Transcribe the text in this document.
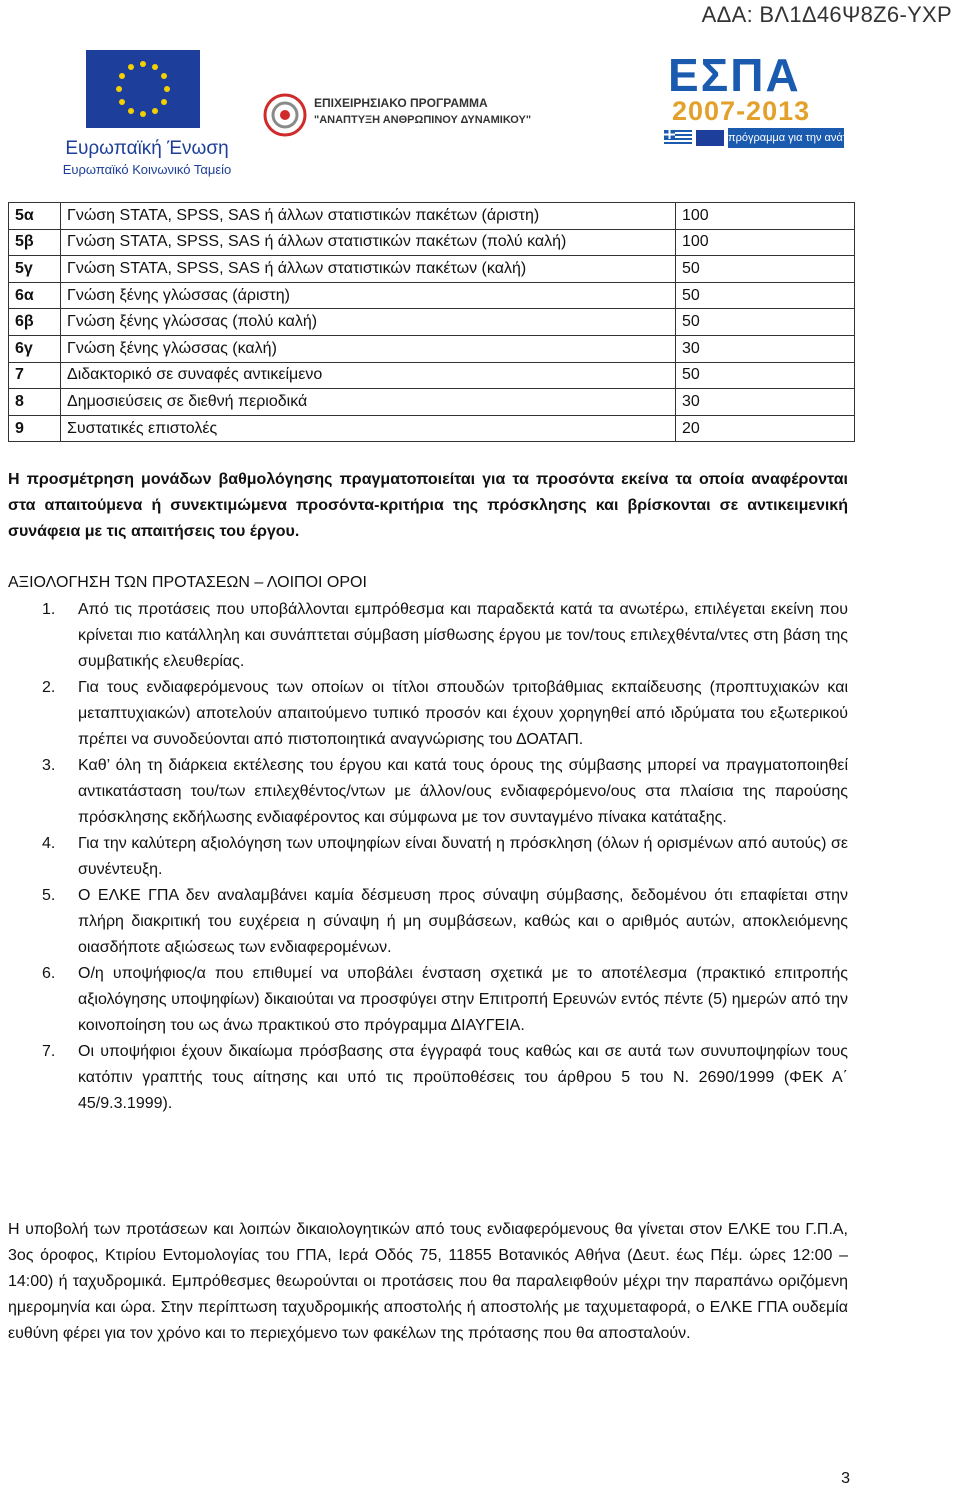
ΑΔΑ: ΒΛ1Δ46Ψ8Ζ6-ΥΧΡ
Ευρωπαϊκή Ένωση
Ευρωπαϊκό Κοινωνικό Ταμείο
ΕΠΙΧΕΙΡΗΣΙΑΚΟ ΠΡΟΓΡΑΜΜΑ
"ΑΝΑΠΤΥΞΗ ΑΝΘΡΩΠΙΝΟΥ ΔΥΝΑΜΙΚΟΥ"
ΕΣΠΑ
2007-2013
πρόγραμμα για την ανάπτυξη
5α	Γνώση STATA, SPSS, SAS ή άλλων στατιστικών πακέτων (άριστη)	100
5β	Γνώση STATA, SPSS, SAS ή άλλων στατιστικών πακέτων (πολύ καλή)	100
5γ	Γνώση STATA, SPSS, SAS ή άλλων στατιστικών πακέτων (καλή)	50
6α	Γνώση ξένης γλώσσας (άριστη)	50
6β	Γνώση ξένης γλώσσας (πολύ καλή)	50
6γ	Γνώση ξένης γλώσσας (καλή)	30
7	Διδακτορικό σε συναφές αντικείμενο	50
8	Δημοσιεύσεις σε διεθνή περιοδικά	30
9	Συστατικές επιστολές	20

Η προσμέτρηση μονάδων βαθμολόγησης πραγματοποιείται για τα προσόντα εκείνα τα οποία αναφέρονται στα απαιτούμενα ή συνεκτιμώμενα προσόντα-κριτήρια της πρόσκλησης και βρίσκονται σε αντικειμενική συνάφεια με τις απαιτήσεις του έργου.

ΑΞΙΟΛΟΓΗΣΗ ΤΩΝ ΠΡΟΤΑΣΕΩΝ – ΛΟΙΠΟΙ ΟΡΟΙ
1. Από τις προτάσεις που υποβάλλονται εμπρόθεσμα και παραδεκτά κατά τα ανωτέρω, επιλέγεται εκείνη που κρίνεται πιο κατάλληλη και συνάπτεται σύμβαση μίσθωσης έργου με τον/τους επιλεχθέντα/ντες στη βάση της συμβατικής ελευθερίας.
2. Για τους ενδιαφερόμενους των οποίων οι τίτλοι σπουδών τριτοβάθμιας εκπαίδευσης (προπτυχιακών και μεταπτυχιακών) αποτελούν απαιτούμενο τυπικό προσόν και έχουν χορηγηθεί από ιδρύματα του εξωτερικού πρέπει να συνοδεύονται από πιστοποιητικά αναγνώρισης του ΔΟΑΤΑΠ.
3. Καθ’ όλη τη διάρκεια εκτέλεσης του έργου και κατά τους όρους της σύμβασης μπορεί να πραγματοποιηθεί αντικατάσταση του/των επιλεχθέντος/ντων με άλλον/ους ενδιαφερόμενο/ους στα πλαίσια της παρούσης πρόσκλησης εκδήλωσης ενδιαφέροντος και σύμφωνα με τον συνταγμένο πίνακα κατάταξης.
4. Για την καλύτερη αξιολόγηση των υποψηφίων είναι δυνατή η πρόσκληση (όλων ή ορισμένων από αυτούς) σε συνέντευξη.
5. Ο ΕΛΚΕ ΓΠΑ δεν αναλαμβάνει καμία δέσμευση προς σύναψη σύμβασης, δεδομένου ότι επαφίεται στην πλήρη διακριτική του ευχέρεια η σύναψη ή μη συμβάσεων, καθώς και ο αριθμός αυτών, αποκλειόμενης οιασδήποτε αξιώσεως των ενδιαφερομένων.
6. Ο/η υποψήφιος/α που επιθυμεί να υποβάλει ένσταση σχετικά με το αποτέλεσμα (πρακτικό επιτροπής αξιολόγησης υποψηφίων) δικαιούται να προσφύγει στην Επιτροπή Ερευνών εντός πέντε (5) ημερών από την κοινοποίηση του ως άνω πρακτικού στο πρόγραμμα ΔΙΑΥΓΕΙΑ.
7. Οι υποψήφιοι έχουν δικαίωμα πρόσβασης στα έγγραφά τους καθώς και σε αυτά των συνυποψηφίων τους κατόπιν γραπτής τους αίτησης και υπό τις προϋποθέσεις του άρθρου 5 του Ν. 2690/1999 (ΦΕΚ Α΄ 45/9.3.1999).

Η υποβολή των προτάσεων και λοιπών δικαιολογητικών από τους ενδιαφερόμενους θα γίνεται στον ΕΛΚΕ του Γ.Π.Α, 3ος όροφος, Κτιρίου Εντομολογίας του ΓΠΑ, Ιερά Οδός 75, 11855 Βοτανικός Αθήνα (Δευτ. έως Πέμ. ώρες 12:00 – 14:00) ή ταχυδρομικά. Εμπρόθεσμες θεωρούνται οι προτάσεις που θα παραλειφθούν μέχρι την παραπάνω οριζόμενη ημερομηνία και ώρα. Στην περίπτωση ταχυδρομικής αποστολής ή αποστολής με ταχυμεταφορά, ο ΕΛΚΕ ΓΠΑ ουδεμία ευθύνη φέρει για τον χρόνο και το περιεχόμενο των φακέλων της πρότασης που θα αποσταλούν.

3
